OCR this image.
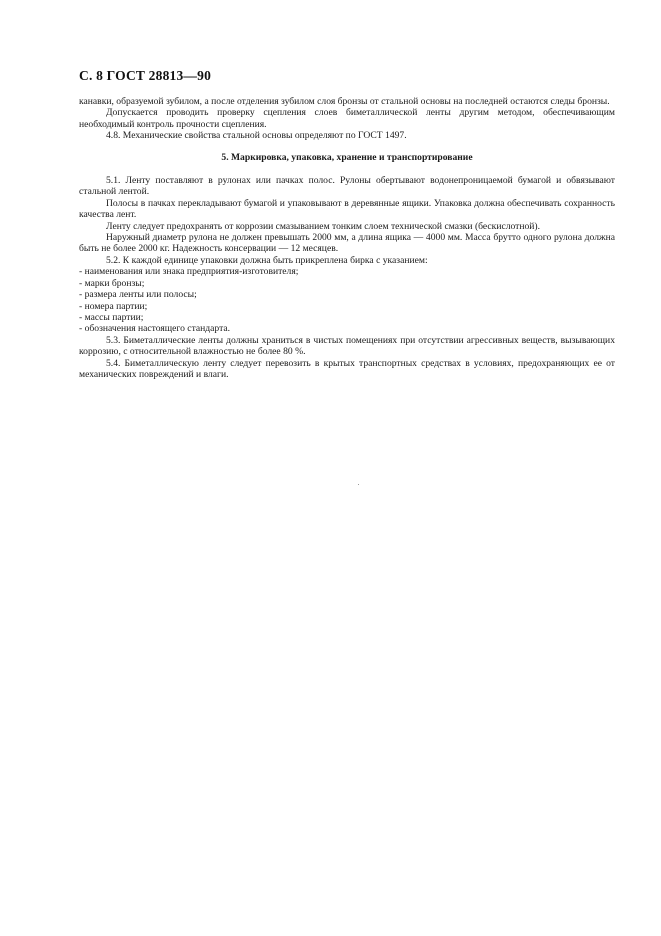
С. 8 ГОСТ 28813—90

канавки, образуемой зубилом, а после отделения зубилом слоя бронзы от стальной основы на последней остаются следы бронзы.

Допускается проводить проверку сцепления слоев биметаллической ленты другим методом, обеспечивающим необходимый контроль прочности сцепления.

4.8. Механические свойства стальной основы определяют по ГОСТ 1497.

5. Маркировка, упаковка, хранение и транспортирование

5.1. Ленту поставляют в рулонах или пачках полос. Рулоны обертывают водонепроницаемой бумагой и обвязывают стальной лентой.

Полосы в пачках перекладывают бумагой и упаковывают в деревянные ящики. Упаковка должна обеспечивать сохранность качества лент.

Ленту следует предохранять от коррозии смазыванием тонким слоем технической смазки (бескислотной).

Наружный диаметр рулона не должен превышать 2000 мм, а длина ящика — 4000 мм. Масса брутто одного рулона должна быть не более 2000 кг. Надежность консервации — 12 месяцев.

5.2. К каждой единице упаковки должна быть прикреплена бирка с указанием:

- наименования или знака предприятия-изготовителя;

- марки бронзы;

- размера ленты или полосы;

- номера партии;

- массы партии;

- обозначения настоящего стандарта.

5.3. Биметаллические ленты должны храниться в чистых помещениях при отсутствии агрессивных веществ, вызывающих коррозию, с относительной влажностью не более 80 %.

5.4. Биметаллическую ленту следует перевозить в крытых транспортных средствах в условиях, предохраняющих ее от механических повреждений и влаги.
